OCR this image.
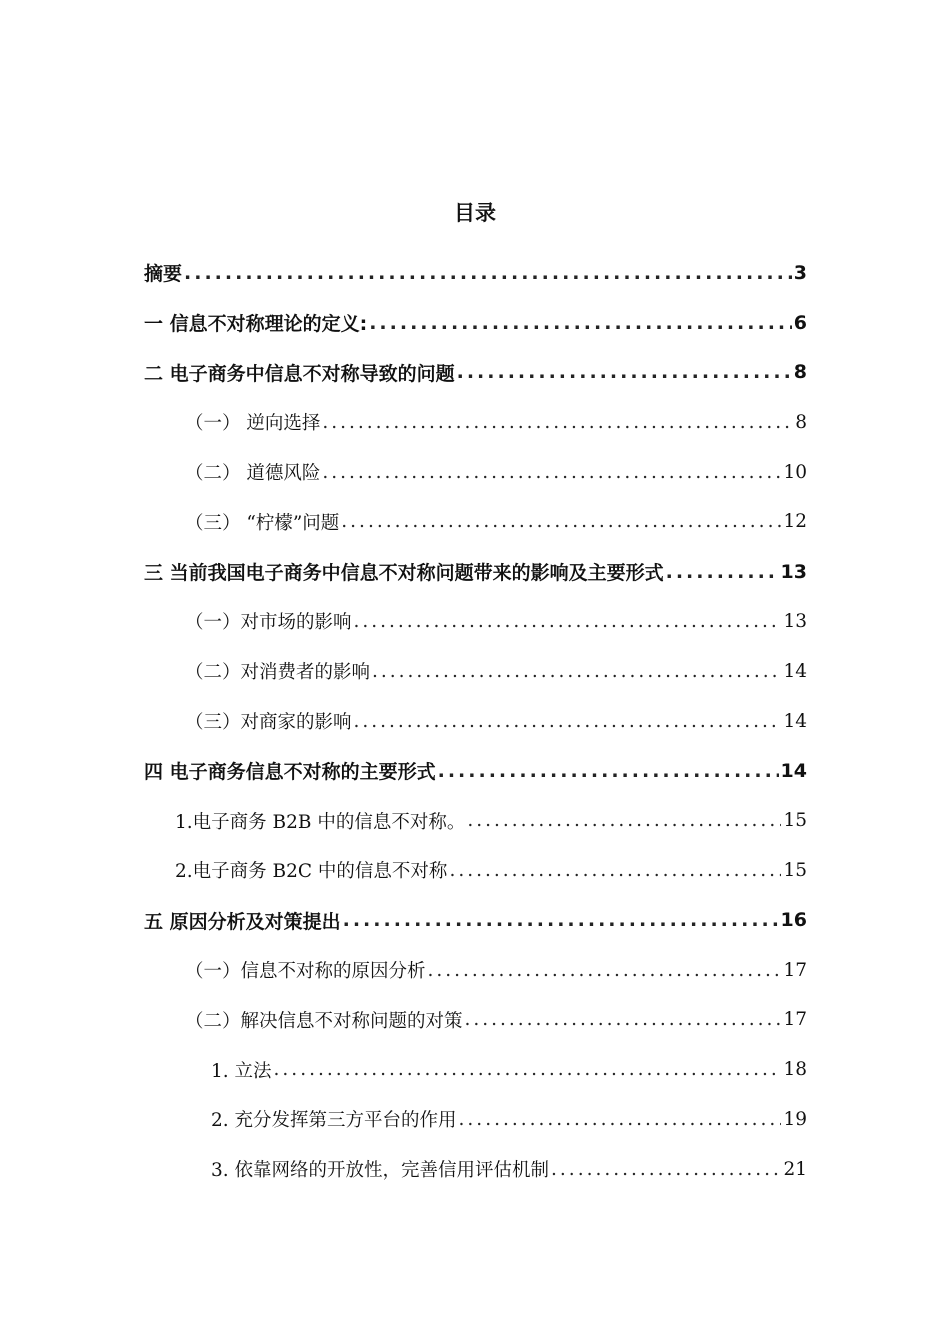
目录
摘要 .....	3
一 信息不对称理论的定义: .....	6
二 电子商务中信息不对称导致的问题 .....	8
（一） 逆向选择 .....	8
（二） 道德风险 .....	10
（三） “柠檬”问题 .....	12
三 当前我国电子商务中信息不对称问题带来的影响及主要形式 .....	13
（一）对市场的影响 .....	13
（二）对消费者的影响 .....	14
（三）对商家的影响 .....	14
四 电子商务信息不对称的主要形式 .....	14
1.电子商务 B2B 中的信息不对称。 .....	15
2.电子商务 B2C 中的信息不对称 .....	15
五 原因分析及对策提出 .....	16
（一）信息不对称的原因分析 .....	17
（二）解决信息不对称问题的对策 .....	17
1. 立法 .....	18
2. 充分发挥第三方平台的作用 .....	19
3. 依靠网络的开放性，完善信用评估机制 .....	21
